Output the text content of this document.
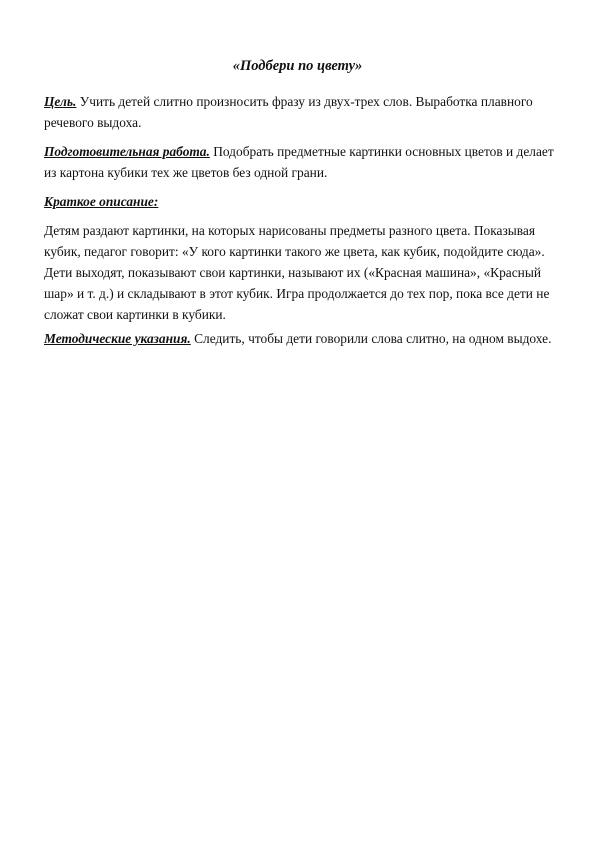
«Подбери по цвету»
Цель. Учить детей слитно произносить фразу из двух-трех слов. Выработка плавного речевого выдоха.
Подготовительная работа. Подобрать предметные картинки основных цветов и делает из картона кубики тех же цветов без одной грани.
Краткое описание:
Детям раздают картинки, на которых нарисованы предметы разного цвета. Показывая кубик, педагог говорит: «У кого картинки такого же цвета, как кубик, подойдите сюда». Дети выходят, показывают свои картинки, называют их («Красная машина», «Красный шар» и т. д.) и складывают в этот кубик. Игра продолжается до тех пор, пока все дети не сложат свои картинки в кубики.
Методические указания. Следить, чтобы дети говорили слова слитно, на одном выдохе.
